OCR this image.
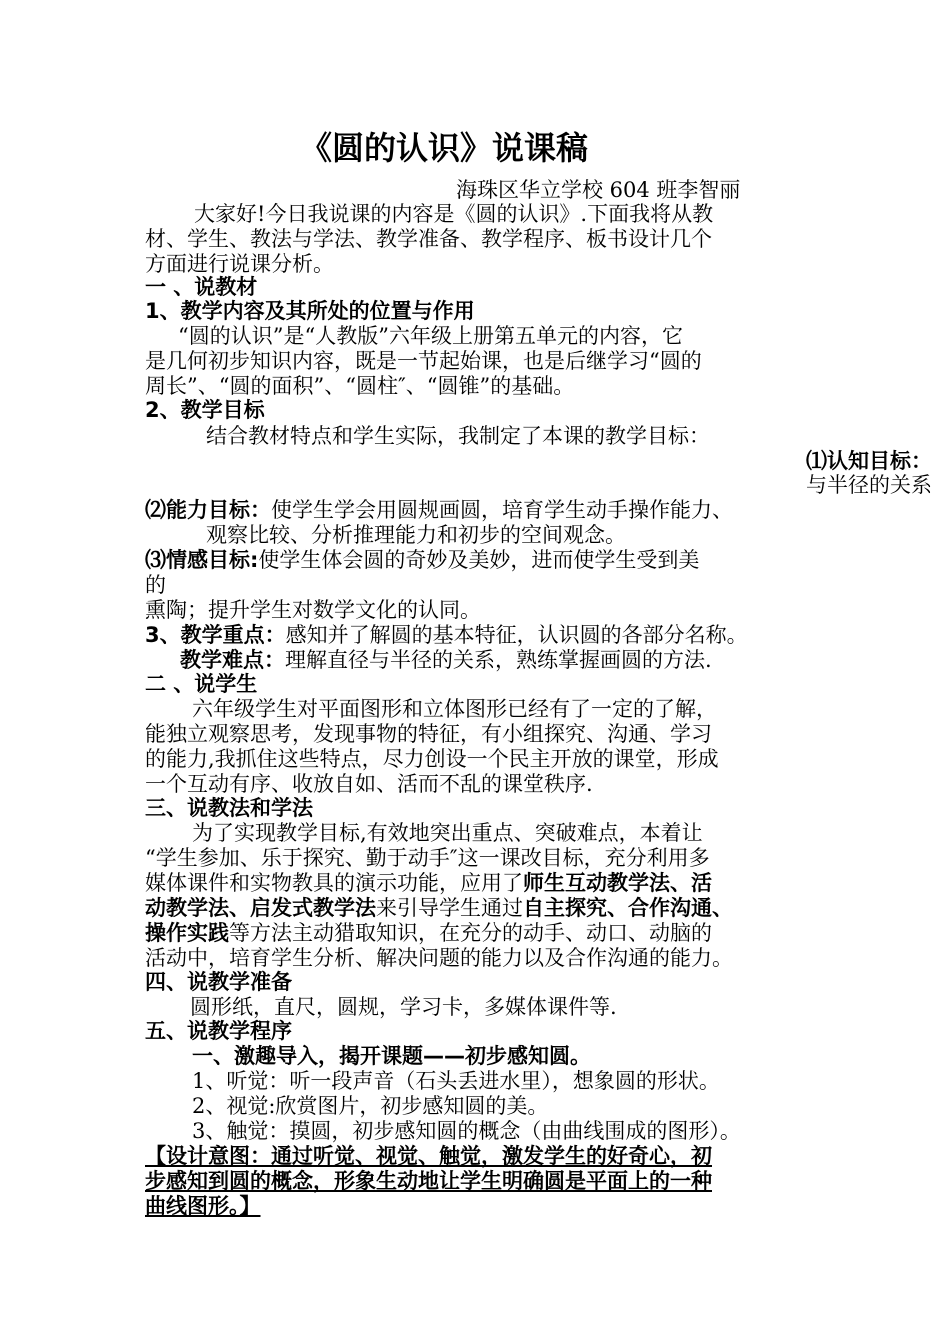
《圆的认识》说课稿
海珠区华立学校 604 班李智丽
大家好!今日我说课的内容是《圆的认识》.下面我将从教
材、学生、教法与学法、教学准备、教学程序、板书设计几个
方面进行说课分析。
一 、说教材
1、教学内容及其所处的位置与作用
“圆的认识”是“人教版”六年级上册第五单元的内容，它
是几何初步知识内容，既是一节起始课，也是后继学习“圆的
周长”、“圆的面积”、“圆柱″、“圆锥”的基础。
2、教学目标
结合教材特点和学生实际，我制定了本课的教学目标：
⑴认知目标：
与半径的关系
⑵能力目标：使学生学会用圆规画圆，培育学生动手操作能力、
观察比较、分析推理能力和初步的空间观念。
⑶情感目标:使学生体会圆的奇妙及美妙，进而使学生受到美
的
熏陶；提升学生对数学文化的认同。
3、教学重点：感知并了解圆的基本特征，认识圆的各部分名称。
教学难点：理解直径与半径的关系，熟练掌握画圆的方法.
二 、说学生
六年级学生对平面图形和立体图形已经有了一定的了解，
能独立观察思考，发现事物的特征，有小组探究、沟通、学习
的能力,我抓住这些特点，尽力创设一个民主开放的课堂，形成
一个互动有序、收放自如、活而不乱的课堂秩序.
三、说教法和学法
为了实现教学目标,有效地突出重点、突破难点，本着让
“学生参加、乐于探究、勤于动手″这一课改目标，充分利用多
媒体课件和实物教具的演示功能，应用了师生互动教学法、活
动教学法、启发式教学法来引导学生通过自主探究、合作沟通、
操作实践等方法主动猎取知识，在充分的动手、动口、动脑的
活动中，培育学生分析、解决问题的能力以及合作沟通的能力。
四、说教学准备
圆形纸，直尺，圆规，学习卡，多媒体课件等.
五、说教学程序
一、激趣导入，揭开课题——初步感知圆。
1、听觉：听一段声音（石头丢进水里），想象圆的形状。
2、视觉:欣赏图片，初步感知圆的美。
3、触觉：摸圆，初步感知圆的概念（由曲线围成的图形）。
【设计意图：通过听觉、视觉、触觉，激发学生的好奇心，初
步感知到圆的概念，形象生动地让学生明确圆是平面上的一种
曲线图形。】
